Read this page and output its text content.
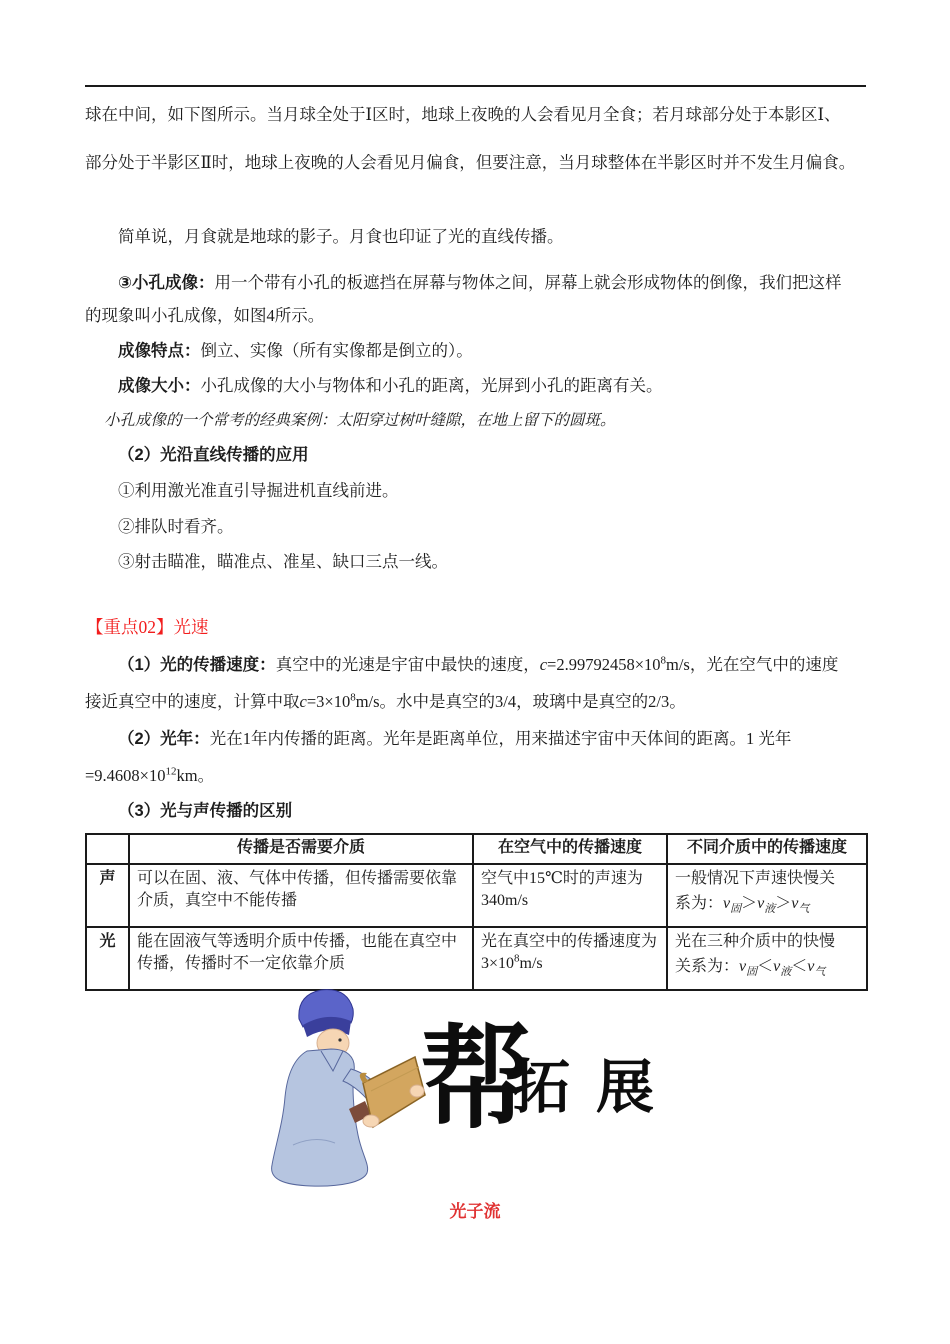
球在中间，如下图所示。当月球全处于Ⅰ区时，地球上夜晚的人会看见月全食；若月球部分处于本影区Ⅰ、
部分处于半影区Ⅱ时，地球上夜晚的人会看见月偏食，但要注意，当月球整体在半影区时并不发生月偏食。
简单说，月食就是地球的影子。月食也印证了光的直线传播。
③小孔成像：用一个带有小孔的板遮挡在屏幕与物体之间，屏幕上就会形成物体的倒像，我们把这样
的现象叫小孔成像，如图4所示。
成像特点：倒立、实像（所有实像都是倒立的）。
成像大小：小孔成像的大小与物体和小孔的距离，光屏到小孔的距离有关。
小孔成像的一个常考的经典案例：太阳穿过树叶缝隙，在地上留下的圆斑。
（2）光沿直线传播的应用
①利用激光准直引导掘进机直线前进。
②排队时看齐。
③射击瞄准，瞄准点、准星、缺口三点一线。
【重点02】光速
（1）光的传播速度：真空中的光速是宇宙中最快的速度，$c=2.99792458\times 10^8m/s$，光在空气中的速度
接近真空中的速度，计算中取$c=3\times 10^8m/s$。水中是真空的3/4，玻璃中是真空的2/3。
（2）光年：光在1年内传播的距离。光年是距离单位，用来描述宇宙中天体间的距离。1 光年
$=9.4608\times 10^{12}km$。
（3）光与声传播的区别
	传播是否需要介质	在空气中的传播速度	不同介质中的传播速度
声	可以在固、液、气体中传播，但传播需要依靠介质，真空中不能传播	空气中15℃时的声速为340m/s	一般情况下声速快慢关
系为：$v_固>v_液>v_气$

光	能在固液气等透明介质中传播，也能在真空中传播，传播时不一定依靠介质	光在真空中的传播速度为$3\times 10^8m/s$	光在三种介质中的快慢
关系为：$v_固<v_液<v_气$
帮
拓展
光子流
